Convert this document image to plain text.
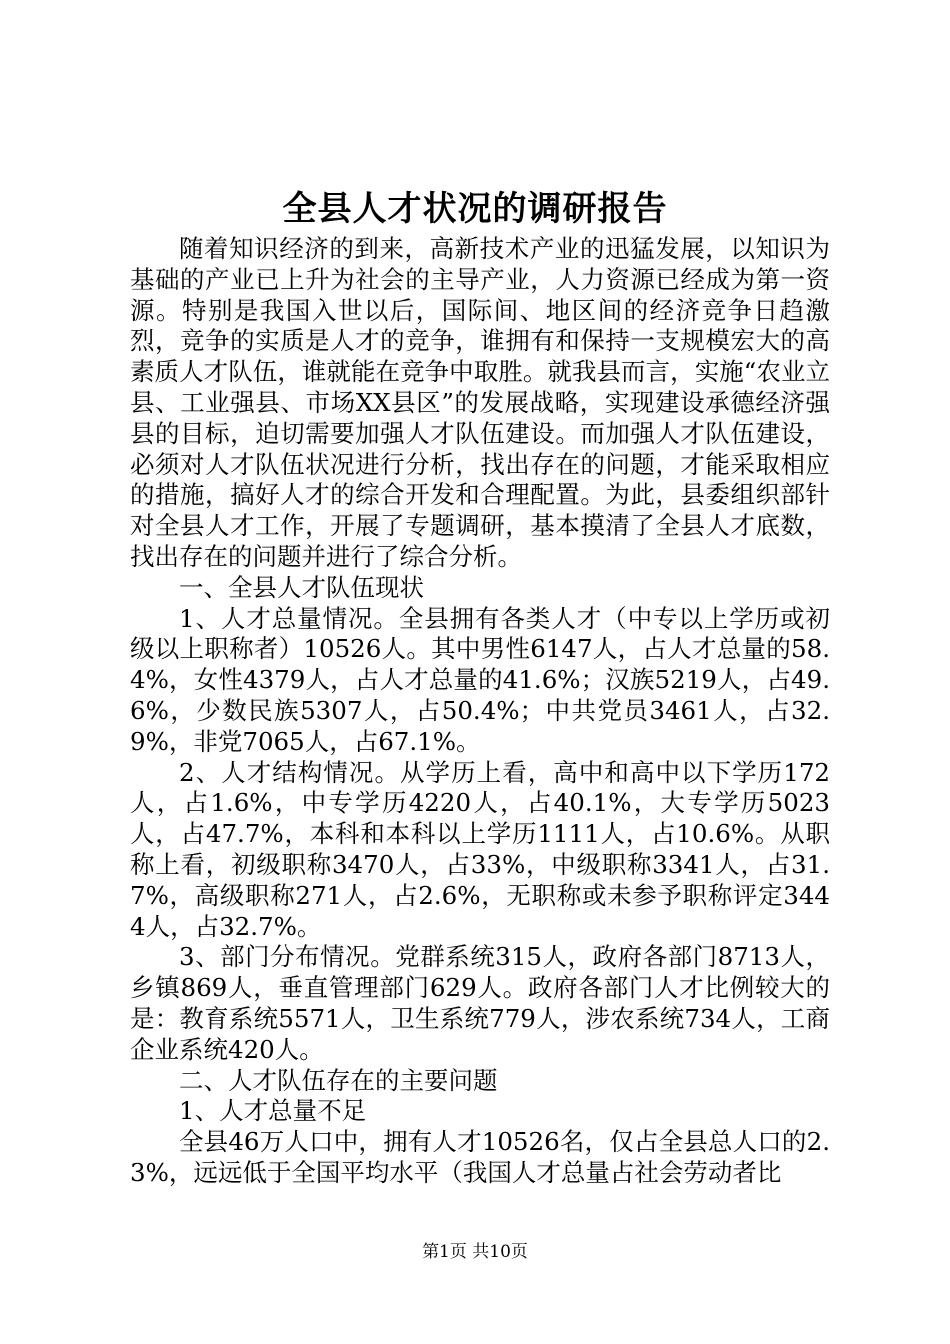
全县人才状况的调研报告

随着知识经济的到来，高新技术产业的迅猛发展，以知识为基础的产业已上升为社会的主导产业，人力资源已经成为第一资源。特别是我国入世以后，国际间、地区间的经济竞争日趋激烈，竞争的实质是人才的竞争，谁拥有和保持一支规模宏大的高素质人才队伍，谁就能在竞争中取胜。就我县而言，实施“农业立县、工业强县、市场XX县区”的发展战略，实现建设承德经济强县的目标，迫切需要加强人才队伍建设。而加强人才队伍建设，必须对人才队伍状况进行分析，找出存在的问题，才能采取相应的措施，搞好人才的综合开发和合理配置。为此，县委组织部针对全县人才工作，开展了专题调研，基本摸清了全县人才底数，找出存在的问题并进行了综合分析。

一、全县人才队伍现状

1、人才总量情况。全县拥有各类人才（中专以上学历或初级以上职称者）10526人。其中男性6147人，占人才总量的58.4%，女性4379人，占人才总量的41.6%；汉族5219人，占49.6%，少数民族5307人，占50.4%；中共党员3461人，占32.9%，非党7065人，占67.1%。

2、人才结构情况。从学历上看，高中和高中以下学历172人，占1.6%，中专学历4220人，占40.1%，大专学历5023人，占47.7%，本科和本科以上学历1111人，占10.6%。从职称上看，初级职称3470人，占33%，中级职称3341人，占31.7%，高级职称271人，占2.6%，无职称或未参予职称评定3444人，占32.7%。

3、部门分布情况。党群系统315人，政府各部门8713人，乡镇869人，垂直管理部门629人。政府各部门人才比例较大的是：教育系统5571人，卫生系统779人，涉农系统734人，工商企业系统420人。

二、人才队伍存在的主要问题

1、人才总量不足

全县46万人口中，拥有人才10526名，仅占全县总人口的2.3%，远远低于全国平均水平（我国人才总量占社会劳动者比

第1页 共10页
